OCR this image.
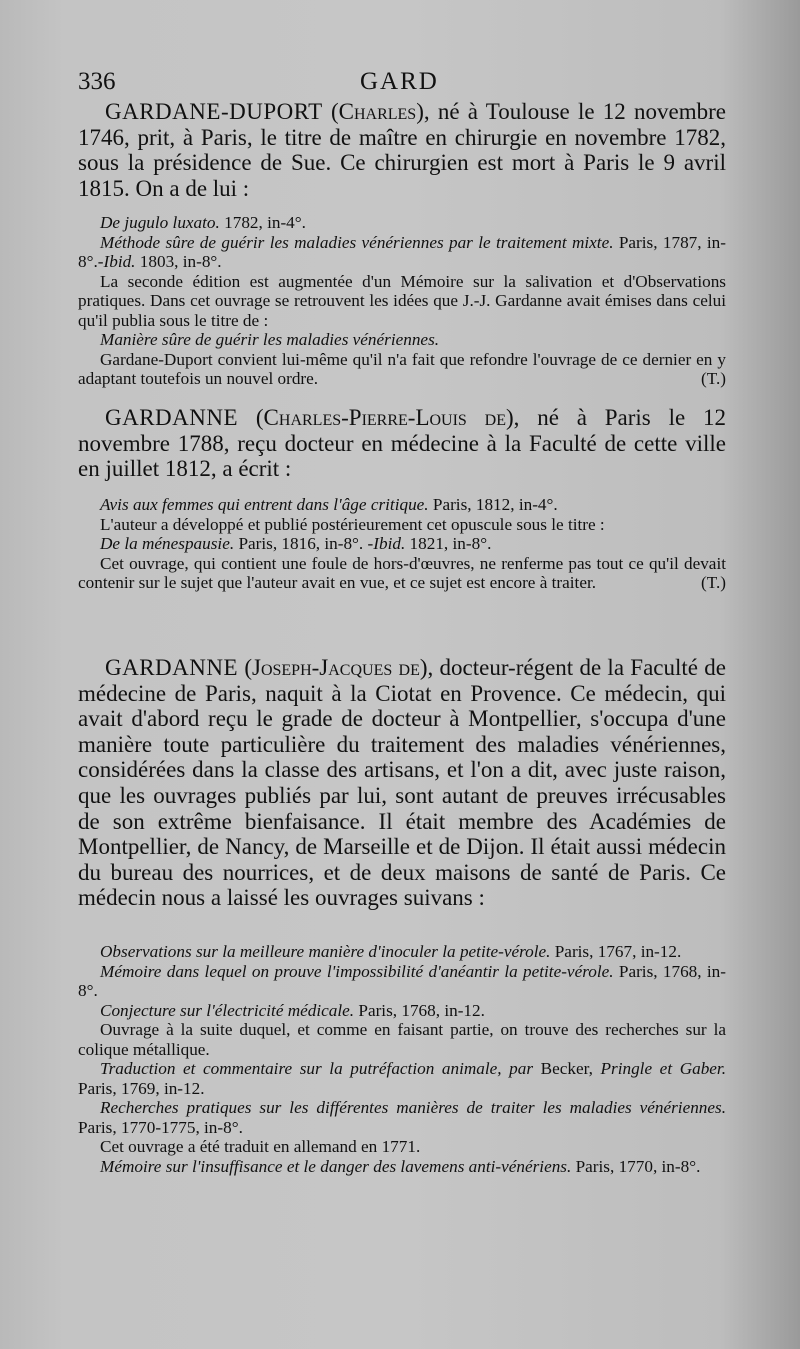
336	GARD

GARDANE-DUPORT (Charles), né à Toulouse le 12 novembre 1746, prit, à Paris, le titre de maître en chirurgie en novembre 1782, sous la présidence de Sue. Ce chirurgien est mort à Paris le 9 avril 1815. On a de lui :

De jugulo luxato. 1782, in-4°.

Méthode sûre de guérir les maladies vénériennes par le traitement mixte. Paris, 1787, in-8°.-Ibid. 1803, in-8°.

La seconde édition est augmentée d'un Mémoire sur la salivation et d'Observations pratiques. Dans cet ouvrage se retrouvent les idées que J.-J. Gardanne avait émises dans celui qu'il publia sous le titre de :

Manière sûre de guérir les maladies vénériennes.

Gardane-Duport convient lui-même qu'il n'a fait que refondre l'ouvrage de ce dernier en y adaptant toutefois un nouvel ordre.	(T.)

GARDANNE (Charles-Pierre-Louis de), né à Paris le 12 novembre 1788, reçu docteur en médecine à la Faculté de cette ville en juillet 1812, a écrit :

Avis aux femmes qui entrent dans l'âge critique. Paris, 1812, in-4°.

L'auteur a développé et publié postérieurement cet opuscule sous le titre :

De la ménespausie. Paris, 1816, in-8°. -Ibid. 1821, in-8°.

Cet ouvrage, qui contient une foule de hors-d'œuvres, ne renferme pas tout ce qu'il devait contenir sur le sujet que l'auteur avait en vue, et ce sujet est encore à traiter.	(T.)

GARDANNE (Joseph-Jacques de), docteur-régent de la Faculté de médecine de Paris, naquit à la Ciotat en Provence. Ce médecin, qui avait d'abord reçu le grade de docteur à Montpellier, s'occupa d'une manière toute particulière du traitement des maladies vénériennes, considérées dans la classe des artisans, et l'on a dit, avec juste raison, que les ouvrages publiés par lui, sont autant de preuves irrécusables de son extrême bienfaisance. Il était membre des Académies de Montpellier, de Nancy, de Marseille et de Dijon. Il était aussi médecin du bureau des nourrices, et de deux maisons de santé de Paris. Ce médecin nous a laissé les ouvrages suivans :

Observations sur la meilleure manière d'inoculer la petite-vérole. Paris, 1767, in-12.

Mémoire dans lequel on prouve l'impossibilité d'anéantir la petite-vérole. Paris, 1768, in-8°.

Conjecture sur l'électricité médicale. Paris, 1768, in-12.

Ouvrage à la suite duquel, et comme en faisant partie, on trouve des recherches sur la colique métallique.

Traduction et commentaire sur la putréfaction animale, par Becker, Pringle et Gaber. Paris, 1769, in-12.

Recherches pratiques sur les différentes manières de traiter les maladies vénériennes. Paris, 1770-1775, in-8°.

Cet ouvrage a été traduit en allemand en 1771.

Mémoire sur l'insuffisance et le danger des lavemens anti-vénériens. Paris, 1770, in-8°.
